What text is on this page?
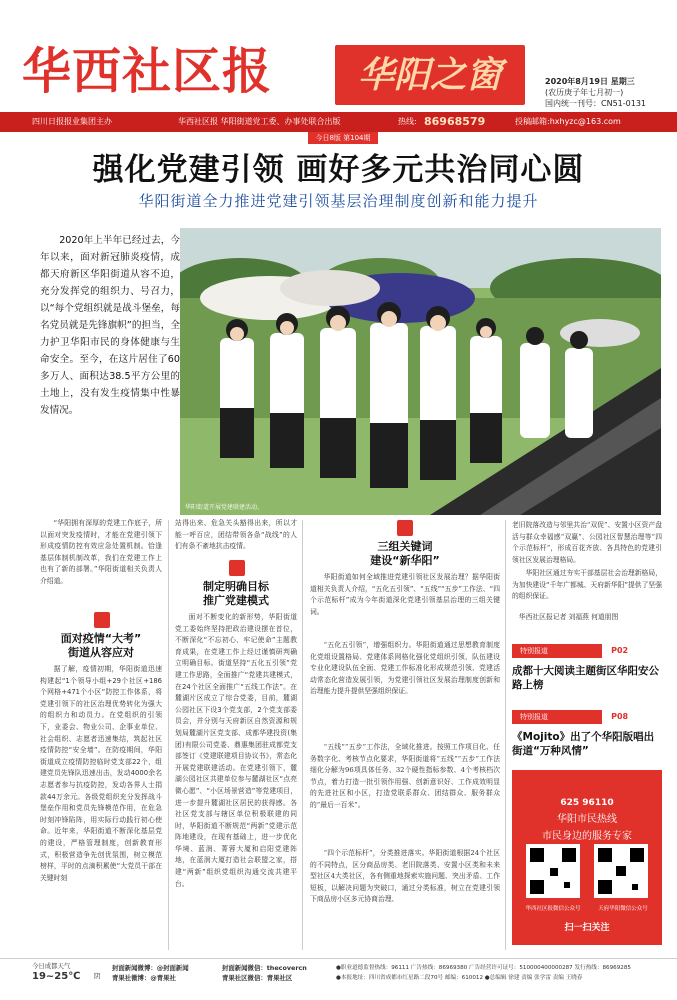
华西社区报	华阳之窗	2020年8月19日 星期三
(农历庚子年七月初一)
国内统一刊号：CN51-0131
四川日报报业集团主办	华西社区报 华阳街道党工委、办事处联合出版	热线: 86968579	投稿邮箱:hxhyzc@163.com
今日8版 第104期
强化党建引领 画好多元共治同心圆
华阳街道全力推进党建引领基层治理制度创新和能力提升
2020年上半年已经过去，今年以来，面对新冠肺炎疫情，成都天府新区华阳街道从容不迫，充分发挥党的组织力、号召力，以“每个党组织就是战斗堡垒，每名党员就是先锋旗帜”的担当，全力护卫华阳市民的身体健康与生命安全。至今，在这片居住了60多万人、面积达38.5平方公里的土地上，没有发生疫情集中性暴发情况。
华阳街道开展党建联建活动。
“华阳拥有深厚的党建工作底子，所以面对突发疫情时，才能在党建引领下形成疫情防控有效应急处置机制。恰逢基层体制机制改革，我们在党建工作上也有了新的部署。”华阳街道相关负责人介绍道。
面对疫情“大考”
街道从容应对
据了解，疫情初期，华阳街道迅速构建起“1个领导小组+29个社区+186个网格+471个小区”防控工作体系，将党建引领下的社区治理优势转化为强大的组织力和动员力。在党组织的引领下，业委会、物业公司、企事业单位、社会组织、志愿者迅速集结，筑起社区疫情防控“安全墙”。在防疫期间，华阳街道成立疫情防控临时党支部22个，组建党员先锋队迅速出击，发动4000余名志愿者参与抗疫防控，发动各界人士捐款44万余元。各级党组织充分发挥战斗堡垒作用和党员先锋模范作用，在危急时刻冲锋陷阵，用实际行动践行初心使命。近年来，华阳街道不断深化基层党的建设，严格管理制度，创新教育形式，积极营造争先创优氛围，树立模范榜样，平时的点滴积累使“大党员干部在关键时刻
站得出来、危急关头豁得出来，所以才能一呼百应，团结带领各条“战线”的人们有条不紊地抗击疫情。
制定明确目标
推广党建模式
面对不断变化的新形势，华阳街道党工委始终坚持把政治建设摆在首位，不断深化“不忘初心、牢记使命”主题教育成果，在党建工作上经过谨慎研判确立明确目标。街道坚持“五化五引领”党建工作思路，全面推广“党建共建模式，在24个社区全面推广“五线工作法”。在麓湖片区成立了综合党委，目前，麓湖公园社区下设3个党支部，2个党支部委员会，并分别与天府新区自然资源和规划局麓湖片区党支部、成都华建投资(集团)有限公司党委、鼎惠集团驻成都党支部签订《党建联建项目协议书》，常态化开展党建联建活动。在党建引领下，麓湖公园社区共建单位参与麓湖社区“点亮微心愿”、“小区场景营造”等党建项目，进一步提升麓湖社区居民的获得感。各社区党支部与辖区单位积极联建的同时，华阳街道不断规范“两新”党建示范阵地建设，在现有基础上，进一步优化华境、蓝润、菁蓉大厦和启阳党建阵地，在蓝润大厦打造社会联盟之家，搭建“两新”组织党组织沟通交流共建平台。
三组关键词
建设“新华阳”
华阳街道如何全域推进党建引领社区发展治理？据华阳街道相关负责人介绍，“五化五引领”、“五线”“五步”工作法、“四个示范标杆”成为今年街道深化党建引领基层治理的三组关键词。
“五化五引领”，增强组织力。华阳街道通过思想教育制度化党组设置格局、党建体系网格化强化党组织引领、队伍建设专业化建设队伍全面、党建工作标准化形成规范引领、党建活动常态化营造发展引领，为党建引领社区发展治理制度创新和治理能力提升提供坚强组织保证。
“五线”“五步”工作法，全域化推进。按照工作项目化、任务数字化、考核节点化要求，华阳街道将“五线”“五步”工作法细化分解为96项具体任务、32个硬性指标参数、4个考核档次节点，着力打造一批引领作用强、创新意识好、工作成效明显的先进社区和小区，打造党联系群众、团结群众、服务群众的“最后一百米”。
“四个示范标杆”，分类推进落实。华阳街道根据24个社区的不同特点，区分商品房类、老旧院落类、安置小区类和未来型社区4大类社区，各有侧重地探索实施问题、突出矛盾、工作短板，以解决问题为突破口，通过分类标准，树立在党建引领下商品房小区多元协商治理、
老旧院落改造与邻里共治“双促”、安置小区资产盘活与群众幸福感“双赢”、公园社区智慧治理等“四个示范标杆”，形成百花齐放、各具特色的党建引领社区发展治理格局。
华阳社区通过夯实干部基层社会治理新格局，为加快建设“千年广都城、天府新华阳”提供了坚强的组织保证。
华西社区报记者 刘福燕 何道朋图
特别报道	P02
成都十大阅读主题街区华阳安公路上榜
特别报道	P08
《Mojito》出了个华阳版唱出街道“万种风情”
625 96110
华阳市民热线
市民身边的服务专家
华西社区报微信公众号	天府华阳微信公众号
扫一扫关注
今日成都天气
19~25℃ 阴
封面新闻微博：@封面新闻
青果社微博：@青果社
封面新闻微信：thecovercn
青果社区微信：青果社区
●职业道德监督热线：96111 广告热线：86969380 广告经营许可证号：510000400000287 发行热线：86969285
●本报地址：四川省成都市红星路二段70号 邮编：610012 ●总编辑 徐建 责编 张学雷 责编 王晓春
